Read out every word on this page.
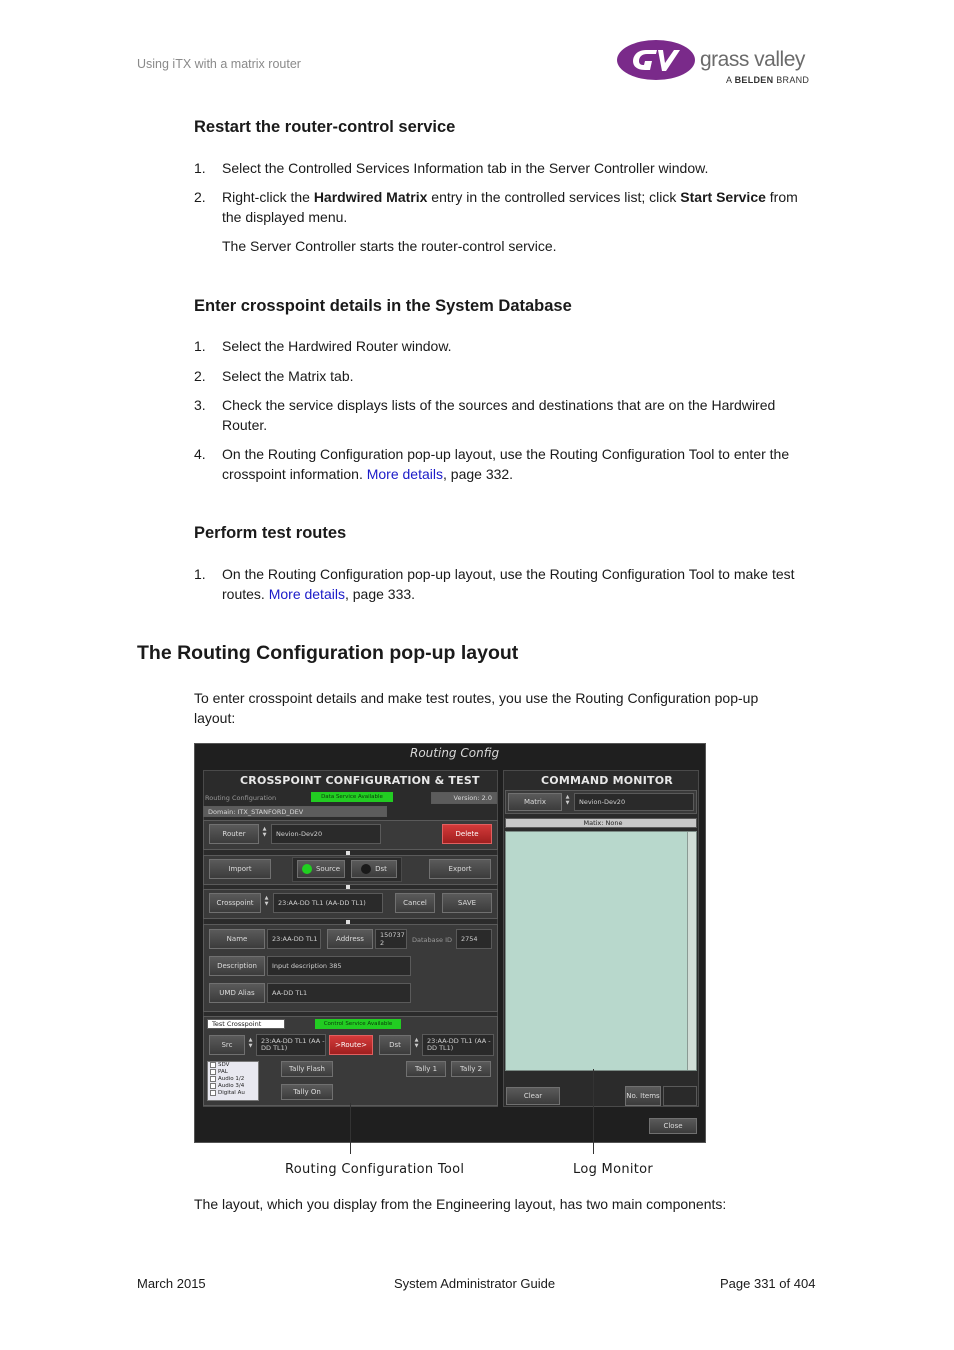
Using iTX with a matrix router	grass valley
A BELDEN BRAND
Restart the router-control service
1. Select the Controlled Services Information tab in the Server Controller window.
2. Right-click the Hardwired Matrix entry in the controlled services list; click Start Service from the displayed menu.
The Server Controller starts the router-control service.
Enter crosspoint details in the System Database
1. Select the Hardwired Router window.
2. Select the Matrix tab.
3. Check the service displays lists of the sources and destinations that are on the Hardwired Router.
4. On the Routing Configuration pop-up layout, use the Routing Configuration Tool to enter the crosspoint information. More details, page 332.
Perform test routes
1. On the Routing Configuration pop-up layout, use the Routing Configuration Tool to make test routes. More details, page 333.
The Routing Configuration pop-up layout
To enter crosspoint details and make test routes, you use the Routing Configuration pop-up layout:
Routing Config
CROSSPOINT CONFIGURATION & TEST
Routing Configuration	Data Service Available	Version: 2.0
Domain: ITX_STANFORD_DEV
Router
▲
▼	Nevion-Dev20	Delete
Import	Source	Dst	Export
Crosspoint
▲
▼	23:AA-DD TL1 (AA-DD TL1)	Cancel	SAVE
Name	23:AA-DD TL1	Address	150737 2	Database ID	2754
Description	Input description 385
UMD Alias	AA-DD TL1
Test Crosspoint	Control Service Available
Src
▲
▼
23:AA-DD TL1 (AA -DD TL1)	>Route>	Dst
▲
▼
23:AA-DD TL1 (AA -DD TL1)
SDV
PAL
Audio 1/2
Audio 3/4
Digital Au
Tally Flash
Tally On
Tally 1	Tally 2
COMMAND MONITOR
Matrix
▲
▼	Nevion-Dev20
Matix: None
Clear	No. Items
Close
Routing Configuration Tool	Log Monitor
The layout, which you display from the Engineering layout, has two main components:
March 2015	System Administrator Guide	Page 331 of 404
